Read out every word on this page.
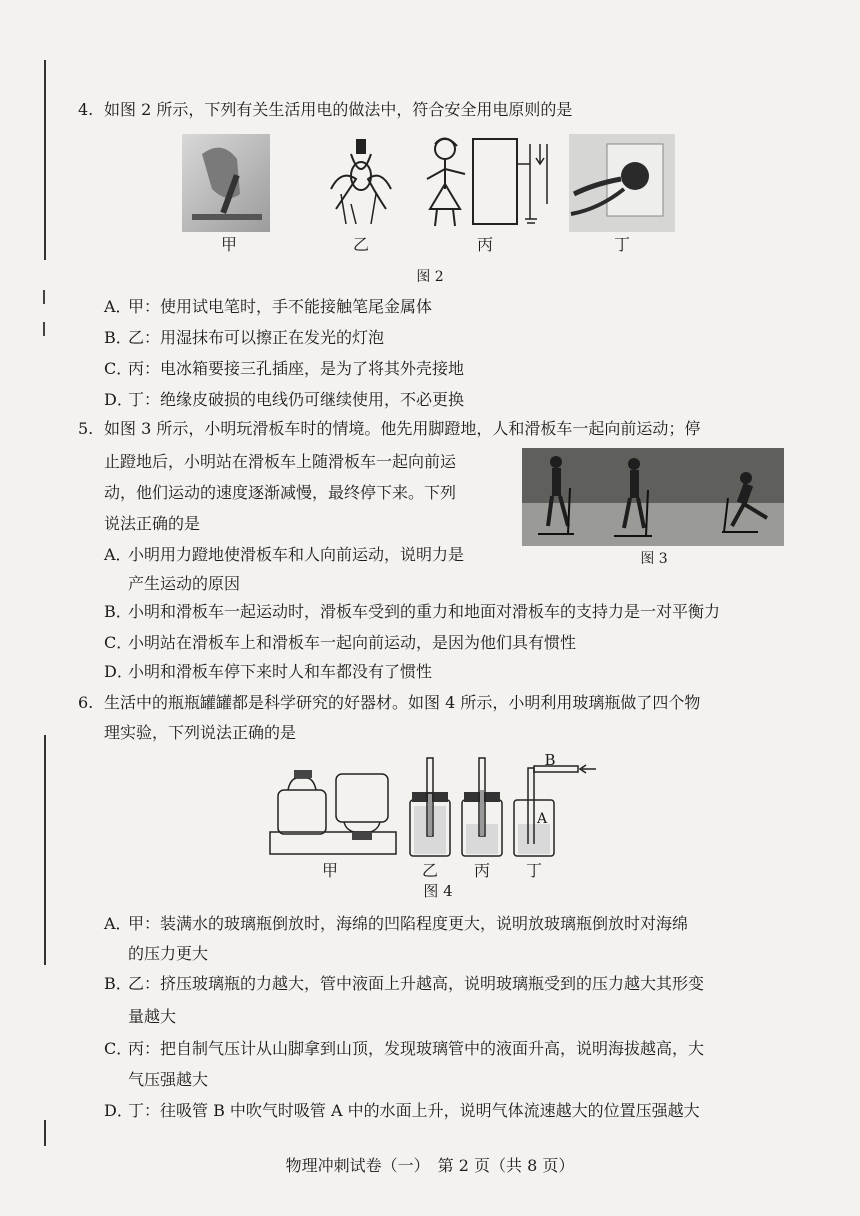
4. 如图 2 所示，下列有关生活用电的做法中，符合安全用电原则的是
甲	乙	丙	丁
图 2
A．甲：使用试电笔时，手不能接触笔尾金属体
B．乙：用湿抹布可以擦正在发光的灯泡
C．丙：电冰箱要接三孔插座，是为了将其外壳接地
D．丁：绝缘皮破损的电线仍可继续使用，不必更换
5. 如图 3 所示，小明玩滑板车时的情境。他先用脚蹬地，人和滑板车一起向前运动；停
止蹬地后，小明站在滑板车上随滑板车一起向前运
动，他们运动的速度逐渐减慢，最终停下来。下列
说法正确的是
图 3
A．小明用力蹬地使滑板车和人向前运动，说明力是
产生运动的原因
B．小明和滑板车一起运动时，滑板车受到的重力和地面对滑板车的支持力是一对平衡力
C．小明站在滑板车上和滑板车一起向前运动，是因为他们具有惯性
D．小明和滑板车停下来时人和车都没有了惯性
6. 生活中的瓶瓶罐罐都是科学研究的好器材。如图 4 所示，小明利用玻璃瓶做了四个物
理实验，下列说法正确的是
B
A
甲	乙	丙	丁
图 4
A．甲：装满水的玻璃瓶倒放时，海绵的凹陷程度更大，说明放玻璃瓶倒放时对海绵
的压力更大
B．乙：挤压玻璃瓶的力越大，管中液面上升越高，说明玻璃瓶受到的压力越大其形变
量越大
C．丙：把自制气压计从山脚拿到山顶，发现玻璃管中的液面升高，说明海拔越高，大
气压强越大
D．丁：往吸管 B 中吹气时吸管 A 中的水面上升，说明气体流速越大的位置压强越大
物理冲刺试卷（一）　第 2 页（共 8 页）
